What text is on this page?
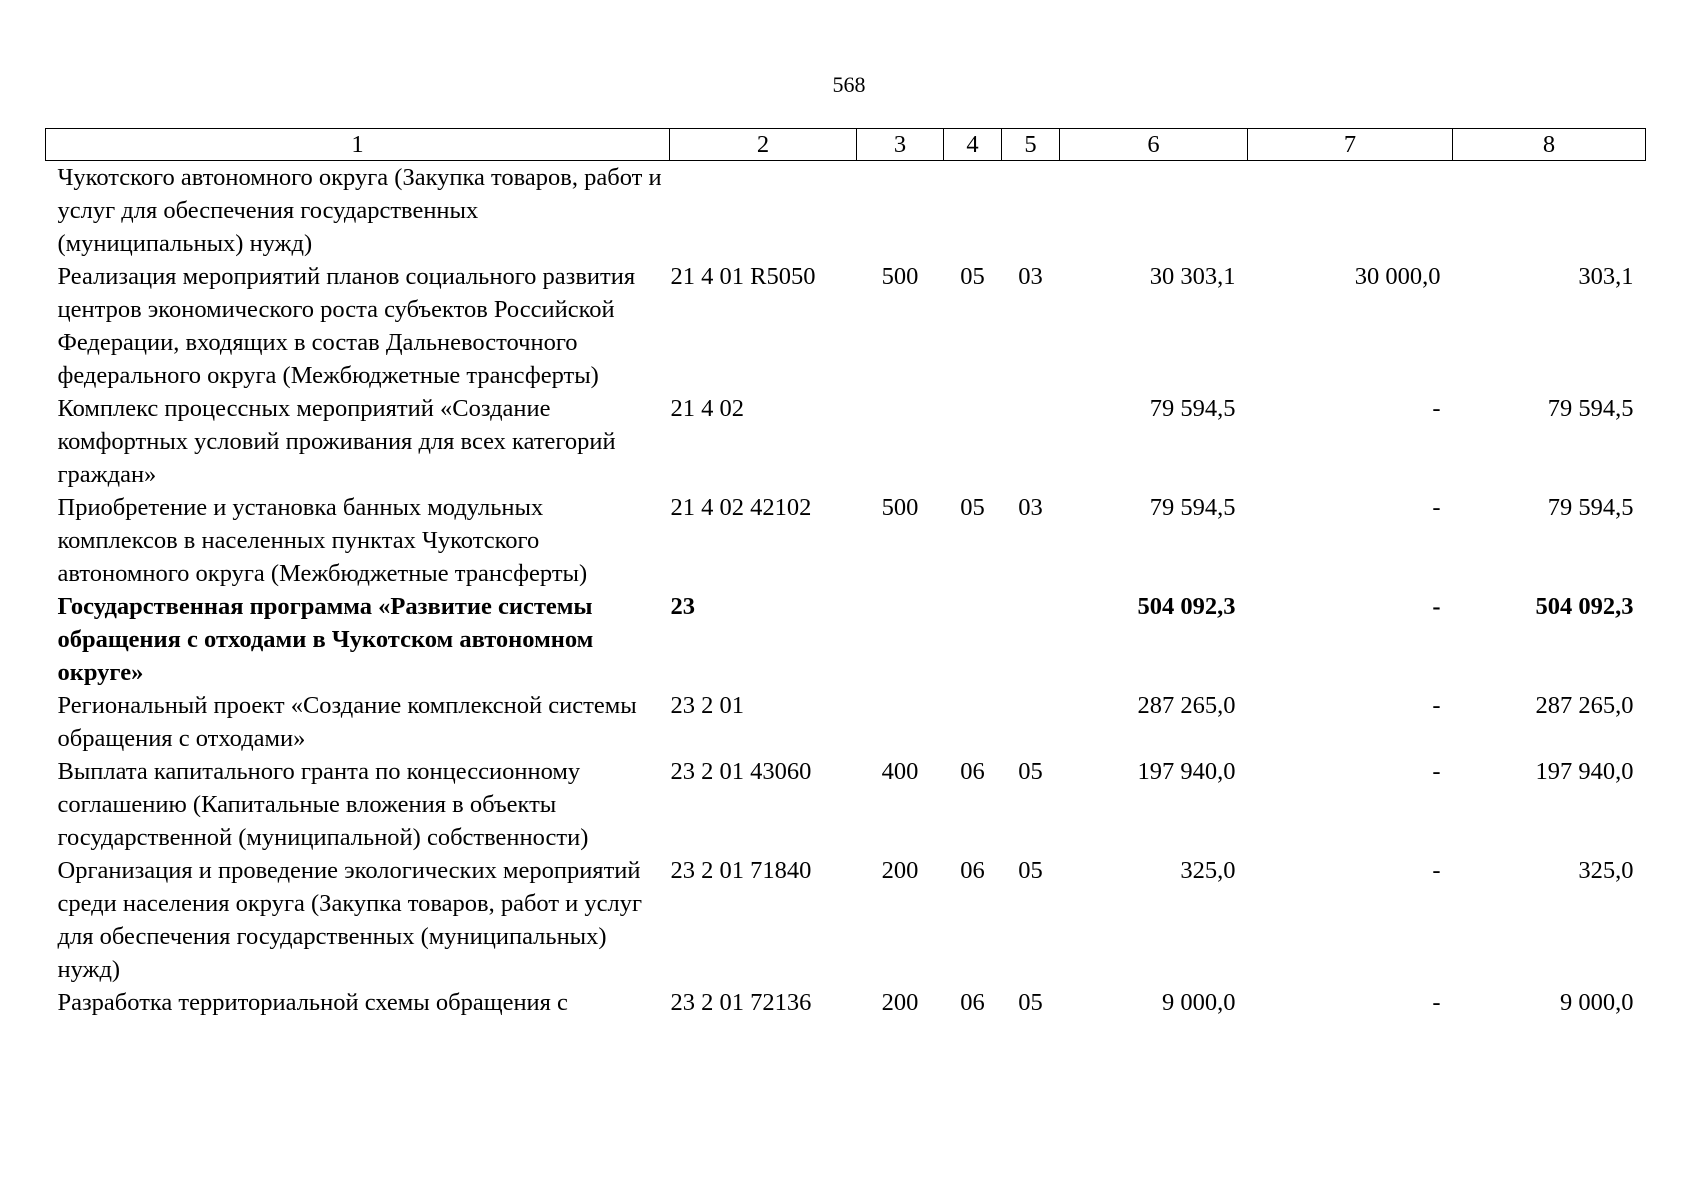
568
1	2	3	4	5	6	7	8
Чукотского автономного округа (Закупка товаров, работ и услуг для обеспечения государственных (муниципальных) нужд)							
Реализация мероприятий планов социального развития центров экономического роста субъектов Российской Федерации, входящих в состав Дальневосточного федерального округа (Межбюджетные трансферты)	21 4 01 R5050	500	05	03	30 303,1	30 000,0	303,1
Комплекс процессных мероприятий «Создание комфортных условий проживания для всех категорий граждан»	21 4 02				79 594,5	-	79 594,5
Приобретение и установка банных модульных комплексов в населенных пунктах Чукотского автономного округа (Межбюджетные трансферты)	21 4 02 42102	500	05	03	79 594,5	-	79 594,5
Государственная программа «Развитие системы обращения с отходами в Чукотском автономном округе»	23				504 092,3	-	504 092,3
Региональный проект «Создание комплексной системы обращения с отходами»	23 2 01				287 265,0	-	287 265,0
Выплата капитального гранта по концессионному соглашению (Капитальные вложения в объекты государственной (муниципальной) собственности)	23 2 01 43060	400	06	05	197 940,0	-	197 940,0
Организация и проведение экологических мероприятий среди населения округа (Закупка товаров, работ и услуг для обеспечения государственных (муниципальных) нужд)	23 2 01 71840	200	06	05	325,0	-	325,0
Разработка территориальной схемы обращения с	23 2 01 72136	200	06	05	9 000,0	-	9 000,0
